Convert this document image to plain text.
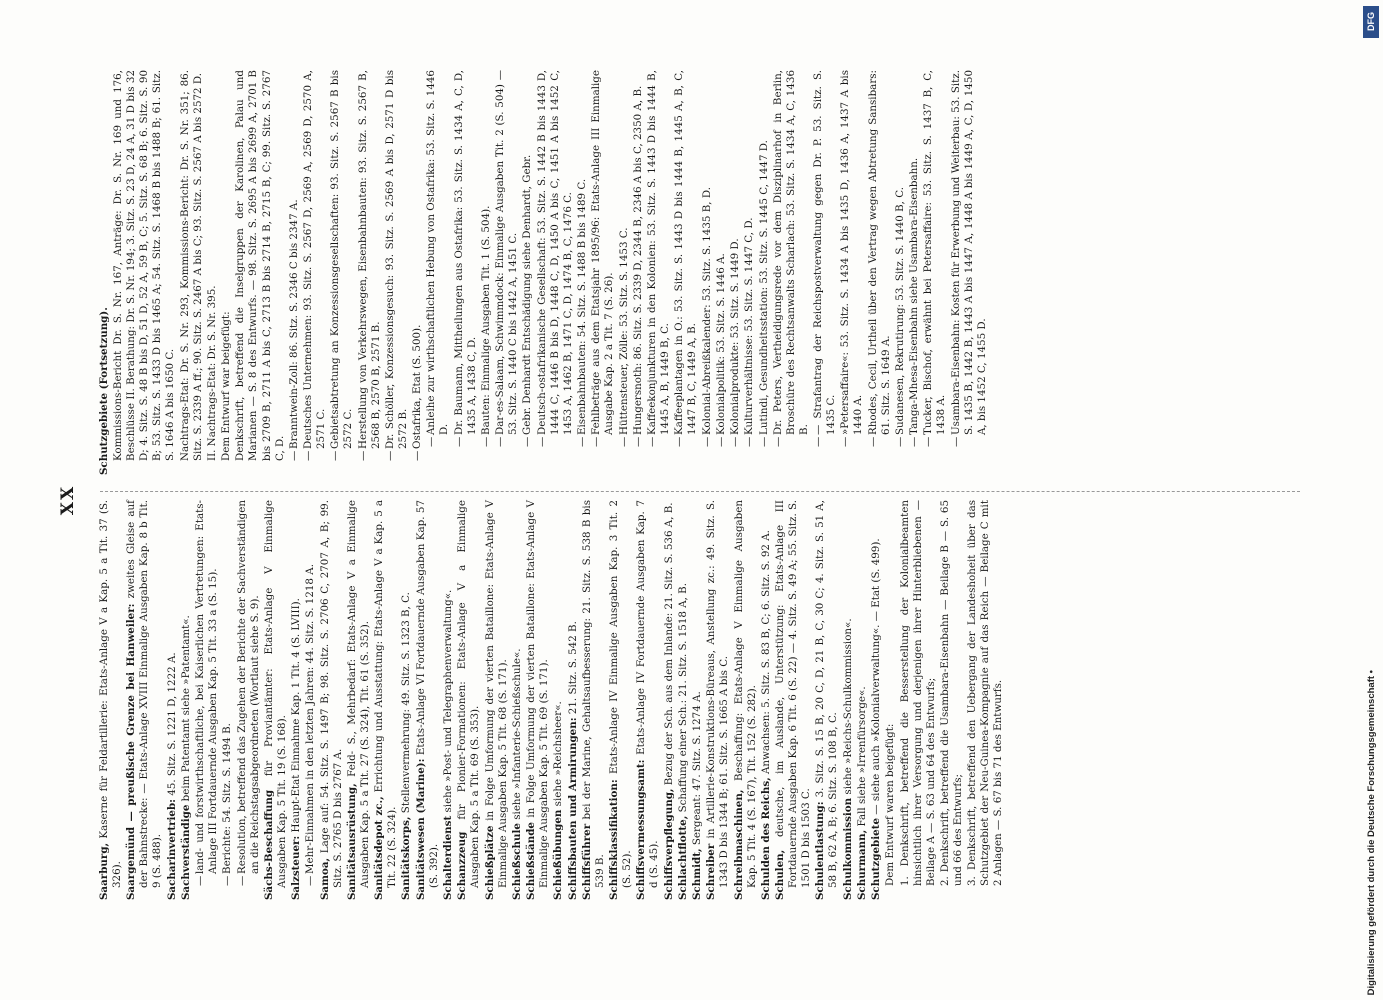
XX

Saarburg, Kaserne für Feldartillerie: Etats-Anlage V a Kap. 5 a Tit. 37 (S. 326). Saargemünd — preußische Grenze bei Hanweiler: zweites Gleise auf der Bahnstrecke: — Etats-Anlage XVIII Einmalige Ausgaben Kap. 8 b Tit. 9 (S. 488). Sacharinvertrieb: 45. Sitz. S. 1221 D, 1222 A.

Sachverständige beim Patentamt siehe »Patentamt«.

—land- und forstwirthschaftliche, bei Kaiserlichen Vertretungen: Etats-Anlage III Fortdauernde Ausgaben Kap. 5 Tit. 33 a (S. 15).

—Berichte: 54. Sitz. S. 1494 B.

—Resolution, betreffend das Zugehen der Berichte der Sachverständigen an die Reichstagsabgeordneten (Wortlaut siehe S. 9). Sächs-Beschaffung für Proviantämter: Etats-Anlage V Einmalige Ausgaben Kap. 5 Tit. 19 (S. 168). Salzsteuer: Haupt-Etat Einnahme Kap. 1 Tit. 4 (S. LVIII).

—Mehr-Einnahmen in den letzten Jahren: 44. Sitz. S. 1218 A.

Samoa, Lage auf: 54. Sitz. S. 1497 B; 98. Sitz. S. 2706 C, 2707 A, B; 99. Sitz. S. 2765 D bis 2767 A. Sanitätsausrüstung, Feld- S., Mehrbedarf: Etats-Anlage V a Einmalige Ausgaben Kap. 5 a Tit. 27 (S. 324), Tit. 61 (S. 352). Sanitätsdepot zc., Errichtung und Ausstattung: Etats-Anlage V a Kap. 5 a Tit. 22 (S. 324). Sanitätskorps, Stellenvermehrung: 49. Sitz. S. 1323 B, C.

Sanitätswesen (Marine): Etats-Anlage VI Fortdauernde Ausgaben Kap. 57 (S. 392). Schalterdienst siehe »Post- und Telegraphenverwaltung«.

Schanzzeug für Pionier-Formationen: Etats-Anlage V a Einmalige Ausgaben Kap. 5 a Tit. 69 (S. 353). Schießplätze in Folge Umformung der vierten Bataillone: Etats-Anlage V Einmalige Ausgaben Kap. 5 Tit. 68 (S. 171). Schießschule siehe »Infanterie-Schießschule«.

Schießstände in Folge Umformung der vierten Bataillone: Etats-Anlage V Einmalige Ausgaben Kap. 5 Tit. 69 (S. 171). Schießübungen siehe »Reichsheer«. Schiffsbauten und Armirungen: 21. Sitz. S. 542 B.

Schiffsführer bei der Marine, Gehaltsaufbesserung: 21. Sitz. S. 538 B bis 539 B. Schiffsklassifikation: Etats-Anlage IV Einmalige Ausgaben Kap. 3 Tit. 2 (S. 52). Schiffsvermessungsamt: Etats-Anlage IV Fortdauernde Ausgaben Kap. 7 d (S. 45). Schiffsverpflegung, Bezug der Sch. aus dem Inlande: 21. Sitz. S. 536 A, B.

Schlachtflotte, Schaffung einer Sch.: 21. Sitz. S. 1518 A, B.

Schmidt, Sergeant: 47. Sitz. S. 1274 A.

Schreiber in Artillerie-Konstruktions-Büreaus, Anstellung zc.: 49. Sitz. S. 1343 D bis 1344 B; 61. Sitz. S. 1665 A bis C. Schreibmaschinen, Beschaffung: Etats-Anlage V Einmalige Ausgaben Kap. 5 Tit. 4 (S. 167), Tit. 152 (S. 282). Schulden des Reichs, Anwachsen: 5. Sitz. S. 83 B, C; 6. Sitz. S. 92 A.

Schulen, deutsche, im Auslande, Unterstützung: Etats-Anlage III Fortdauernde Ausgaben Kap. 6 Tit. 6 (S. 22) — 4. Sitz. S. 49 A; 55. Sitz. S. 1501 D bis 1503 C. Schulentlastung: 3. Sitz. S. 15 B, 20 C, D, 21 B, C, 30 C; 4. Sitz. S. 51 A, 58 B, 62 A, B; 6. Sitz. S. 108 B, C. Schulkommission siehe »Reichs-Schulkommission«.

Schurmann, Fall siehe »Irrenfürsorge«.

Schutzgebiete — siehe auch »Kolonialverwaltung«. — Etat (S. 499). Dem Entwurf waren beigefügt: 1. Denkschrift, betreffend die Besserstellung der Kolonialbeamten hinsichtlich ihrer Versorgung und derjenigen ihrer Hinterbliebenen — Beilage A — S. 63 und 64 des Entwurfs; 2. Denkschrift, betreffend die Usambara-Eisenbahn — Beilage B — S. 65 und 66 des Entwurfs; 3. Denkschrift, betreffend den Uebergang der Landeshoheit über das Schutzgebiet der Neu-Guinea-Kompagnie auf das Reich — Beilage C mit 2 Anlagen — S. 67 bis 71 des Entwurfs.

Schutzgebiete (Fortsetzung). Kommissions-Bericht Dr. S. Nr. 167, Anträge: Dr. S. Nr. 169 und 176, Beschlüsse II. Berathung: Dr. S. Nr. 194; 3. Sitz. S. 23 D, 24 A, 31 D bis 32 D; 4. Sitz. S. 48 B bis D, 51 D, 52 A, 59 B, C; 5. Sitz. S. 68 B; 6. Sitz. S. 90 B; 53. Sitz. S. 1433 D bis 1465 A; 54. Sitz. S. 1468 B bis 1488 B; 61. Sitz. S. 1646 A bis 1650 C. Nachtrags-Etat: Dr. S. Nr. 293, Kommissions-Bericht: Dr. S. Nr. 351; 86. Sitz. S. 2339 A ff.; 90. Sitz. S. 2467 A bis C; 93. Sitz. S. 2567 A bis 2572 D. II. Nachtrags-Etat: Dr. S. Nr. 395. Dem Entwurf war beigefügt: Denkschrift, betreffend die Inselgruppen der Karolinen, Palau und Marianen — S. 8 des Entwurfs. — 98. Sitz. S. 2695 A bis 2699 A, 2701 B bis 2709 B, 2711 A bis C, 2713 B bis 2714 B, 2715 B, C; 99. Sitz. S. 2767 C, D. —Branntwein-Zoll: 86. Sitz. S. 2346 C bis 2347 A.

—Deutsches Unternehmen: 93. Sitz. S. 2567 D, 2569 A, 2569 D, 2570 A, 2571 C.

—Gebietsabtretung an Konzessionsgesellschaften: 93. Sitz. S. 2567 B bis 2572 C.

—Herstellung von Verkehrswegen, Eisenbahnbauten: 93. Sitz. S. 2567 B, 2568 B, 2570 B, 2571 B.

—Dr. Schöller, Konzessionsgesuch: 93. Sitz. S. 2569 A bis D, 2571 D bis 2572 B.

—Ostafrika, Etat (S. 500). —Anleihe zur wirthschaftlichen Hebung von Ostafrika: 53. Sitz. S. 1446 D.

—Dr. Baumann, Mittheilungen aus Ostafrika: 53. Sitz. S. 1434 A, C, D, 1435 A, 1438 C, D.

—Bauten: Einmalige Ausgaben Tit. 1 (S. 504).

—Dar-es-Salaam, Schwimmdock: Einmalige Ausgaben Tit. 2 (S. 504) — 53. Sitz. S. 1440 C bis 1442 A, 1451 C.

—Gebr. Denhardt Entschädigung siehe Denhardt, Gebr.

—Deutsch-ostafrikanische Gesellschaft: 53. Sitz. S. 1442 B bis 1443 D, 1444 C, 1446 B bis D, 1448 C, D, 1450 A bis C, 1451 A bis 1452 C, 1453 A, 1462 B, 1471 C, D, 1474 B, C, 1476 C.

—Eisenbahnbauten: 54. Sitz. S. 1488 B bis 1489 C.

—Fehlbeträge aus dem Etatsjahr 1895/96: Etats-Anlage III Einmalige Ausgabe Kap. 2 a Tit. 7 (S. 26).

—Hüttensteuer, Zölle: 53. Sitz. S. 1453 C.

—Hungersnoth: 86. Sitz. S. 2339 D, 2344 B, 2346 A bis C, 2350 A, B.

—Kaffeekonjunkturen in den Kolonien: 53. Sitz. S. 1443 D bis 1444 B, 1445 A, B, 1449 B, C.

—Kaffeeplantagen in O.: 53. Sitz. S. 1443 D bis 1444 B, 1445 A, B, C, 1447 B, C, 1449 A, B.

—Kolonial-Abreißkalender: 53. Sitz. S. 1435 B, D.

—Kolonialpolitik: 53. Sitz. S. 1446 A.

—Kolonialprodukte: 53. Sitz. S. 1449 D.

—Kulturverhältnisse: 53. Sitz. S. 1447 C, D.

—Lutindi, Gesundheitsstation: 53. Sitz. S. 1445 C, 1447 D.

—Dr. Peters, Vertheidigungsrede vor dem Disziplinarhof in Berlin, Broschüre des Rechtsanwalts Scharlach: 53. Sitz. S. 1434 A, C, 1436 B.

—— Strafantrag der Reichspostverwaltung gegen Dr. P. 53. Sitz. S. 1435 C.

—»Petersaffaire«: 53. Sitz. S. 1434 A bis 1435 D, 1436 A, 1437 A bis 1440 A.

—Rhodes, Cecil, Urtheil über den Vertrag wegen Abtretung Sansibars: 61. Sitz. S. 1649 A.

—Sudanesen, Rekrutirung: 53. Sitz. S. 1440 B, C.

—Tanga-Mhesa-Eisenbahn siehe Usambara-Eisenbahn.

—Tucker, Bischof, erwähnt bei Petersaffaire: 53. Sitz. S. 1437 B, C, 1438 A.

—Usambara-Eisenbahn: Kosten für Erwerbung und Weiterbau: 53. Sitz. S. 1435 B, 1442 B, 1443 A bis 1447 A, 1448 A bis 1449 A, C, D, 1450 A, bis 1452 C, 1455 D.

DFG
Digitalisierung gefördert durch die Deutsche Forschungsgemeinschaft •
